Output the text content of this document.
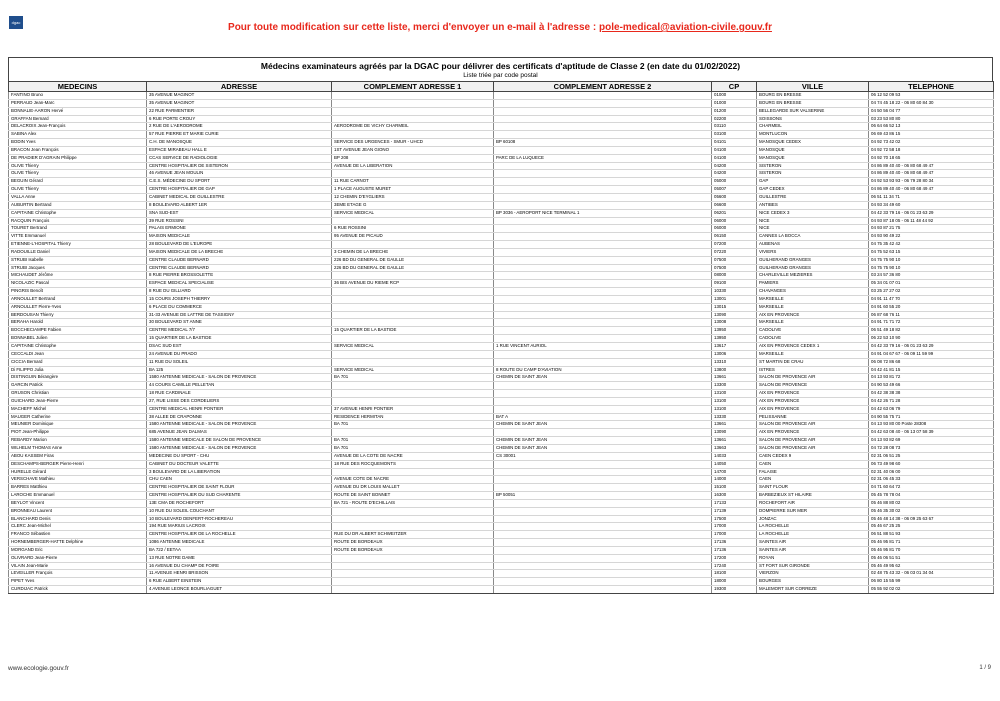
dgac	Pour toute modification sur cette liste, merci d'envoyer un e-mail à l'adresse : pole-medical@aviation-civile.gouv.fr
Médecins examinateurs agréés par la DGAC pour délivrer des certificats d'aptitude de Classe 2 (en date du 01/02/2022)
Liste triée par code postal
MEDECINS	ADRESSE	COMPLEMENT ADRESSE 1	COMPLEMENT ADRESSE 2	CP	VILLE	TELEPHONE
FANTINO Bruno	35 AVENUE MAGINOT			01000	BOURG EN BRESSE	06 12 52 09 53
PERRAUD Jean-Marc	35 AVENUE MAGINOT			01000	BOURG EN BRESSE	04 74 45 18 22 - 06 80 60 84 30
BONNALIE-AARON Hervé	22 RUE PARMENTIER			01200	BELLEGARDE SUR VALSERINE	04 50 56 04 77
GRAFFAN Bernard	6 RUE PORTE CROUY			02200	SOISSONS	03 23 53 80 80
DELACROIX Jean-François	2 RUE DE L'AERODROME	AERODROME DE VICHY CHARMEIL		03110	CHARMEIL	06 64 66 52 13
SABINA Alex	57 RUE PIERRE ET MARIE CURIE			03100	MONTLUCON	06 69 43 86 15
BODIN Yves	C.H. DE MANOSQUE	SERVICE DES URGENCES - SMUR - UHCD	BP 60108	04101	MANOSQUE CEDEX	04 92 73 42 02
BRACON Jean François	ESPACE MIRABEAU HALL E	1ST AVENUE JEAN GIONO		04100	MANOSQUE	04 92 72 58 18
DE PRADIER D'AGRAIN Philippe	CCAS SERVICE DE RADIOLOGIE	BP 208	PARC DE LA LUQUECE	04100	MANOSQUE	04 92 70 18 65
OLIVE Thierry	CENTRE HOSPITALIER DE SISTERON	AVENUE DE LA LIBERATION		04200	SISTERON	04 86 89 40 40 - 06 80 68 49 47
OLIVE Thierry	46 AVENUE JEAN MOULIN			04200	SISTERON	04 86 89 40 40 - 06 80 68 49 47
BEGUIN Gérard	C.E.S. MÉDECINE DU SPORT	11 RUE CARNOT		05000	GAP	04 92 53 93 93 - 06 79 28 80 34
OLIVE Thierry	CENTRE HOSPITALIER DE GAP	1 PLACE AUGUSTE MURET		05007	GAP CEDEX	04 86 89 40 40 - 06 80 68 49 47
VALLA Anne	CABINET MEDICAL DE GUILLESTRE	12 CHEMIN D'EYGLIERS		05600	GUILLESTRE	06 51 11 34 71
AUBURTIN Bertrand	8 BOULEVARD ALBERT 1ER	3EME ETAGE G		06600	ANTIBES	04 93 34 49 60
CAPITAINE Christophe	SNA SUD-EST	SERVICE MEDICAL	BP 3036 - AEROPORT NICE TERMINAL 1	06201	NICE CEDEX 3	04 42 33 79 16 - 06 01 23 63 29
RACQUIN François	39 RUE ROSSINI			06000	NICE	04 93 87 18 05 - 06 11 48 44 92
TOURET Bertrand	PALAIS ERMIONE	6 RUE ROSSINI		06000	NICE	04 93 87 21 75
VITTE Emmanuel	MAISON MEDICALE	95 AVENUE DE PICAUD		06150	CANNES LA BOCCA	04 93 90 49 22
ETIENNE-L'HOSPITAL Thierry	28 BOULEVARD DE L'EUROPE			07200	AUBENAS	04 75 35 42 42
RADOUILLE Daniel	MAISON MEDICALE DE LA BRECHE	3 CHEMIN DE LA BRECHE		07220	VIVIERS	04 75 52 63 15
STRUBI Isabelle	CENTRE CLAUDE BERNARD	226 BD DU GENERAL DE GAULLE		07500	GUILHERAND GRANGES	04 75 75 90 10
STRUBI Jacques	CENTRE CLAUDE BERNARD	226 BD DU GENERAL DE GAULLE		07500	GUILHERAND GRANGES	04 75 75 90 10
MICHAUDET Jérôme	8 RUE PIERRE BROSSOLETTE			08000	CHARLEVILLE MEZIERES	03 24 57 36 80
NICOLAZIC Pascal	ESPACE MEDICAL SPECIALISE	36 BIS AVENUE DU RIEME RCP		09100	PAMIERS	05 34 01 07 01
PINGRIS Benoît	8 RUE DU GILLIARD			10330	CHAVANGES	03 25 27 27 02
ARNOULLET Bertrand	15 COURS JOSEPH THIERRY			13001	MARSEILLE	04 91 11 47 70
ARNOULLET Pierre-Yves	6 PLACE DU COMMERCE			13015	MARSEILLE	04 91 60 55 20
BERDOUSAN Thierry	31-33 AVENUE DE LATTRE DE TASSIGNY			13090	AIX EN PROVENCE	06 87 68 76 11
BERAHA Harold	30 BOULEVARD ST ANNE			13008	MARSEILLE	04 91 71 71 72
BOCCHECIAMPE Fabien	CENTRE MEDICAL 7/7	15 QUARTIER DE LA BASTIDE		13950	CADOLIVE	06 51 49 18 82
BONNABEL Julien	15 QUARTIER DE LA BASTIDE			13950	CADOLIVE	06 22 53 10 90
CAPITAINE Christophe	DSAC SUD EST	SERVICE MEDICAL	1 RUE VINCENT AURIOL	13617	AIX EN PROVENCE CEDEX 1	04 42 33 79 16 - 06 01 23 63 29
CECCALDI Jean	24 AVENUE DU PRADO			13006	MARSEILLE	04 91 04 67 67 - 06 09 11 59 99
CICCIA Bernard	11 RUE DU SOLEIL			13310	ST MARTIN DE CRAU	06 08 72 86 68
Di FILIPPO Julia	BA 125	SERVICE MEDICAL	8 ROUTE DU CAMP D'AVIATION	13800	ISTRES	04 42 41 81 15
DISTINGUIN Bérangère	1580 ANTENNE MEDICALE - SALON DE PROVENCE	BA 701	CHEMIN DE SAINT JEAN	13661	SALON DE PROVENCE AIR	04 13 93 81 72
GARCIN Patrick	44 COURS CAMILLE PELLETAN			13300	SALON DE PROVENCE	04 90 53 49 66
GRUSON Christian	18 RUE CARDINALE			13100	AIX EN PROVENCE	04 42 38 38 38
GUICHARD Jean-Pierre	27, RUE LISSE DES CORDELIERS			13100	AIX EN PROVENCE	04 42 26 71 28
MACHEFF Michel	CENTRE MEDICAL HENRI PONTIER	37 AVENUE HENRI PONTIER		13100	AIX EN PROVENCE	04 42 63 06 79
MAUGER Catherine	38 ALLEE DE CRAPONNE	RESIDENCE HERMITAN	BAT A	13330	PELISSANNE	04 90 55 75 71
MEUNIER Dominique	1580 ANTENNE MEDICALE - SALON DE PROVENCE	BA 701	CHEMIN DE SAINT JEAN	13661	SALON DE PROVENCE AIR	04 13 93 80 00 Poste 28308
PIOT Jean-Philippe	685 AVENUE JEAN DALMAS			13090	AIX EN PROVENCE	04 42 63 08 40 - 06 13 07 58 39
REBARDY Marion	1580 ANTENNE MEDICALE DE SALON DE PROVENCE	BA 701	CHEMIN DE SAINT JEAN	13661	SALON DE PROVENCE AIR	04 13 93 82 69
WILHELM THOMAS Anne	1580 ANTENNE MEDICALE - SALON DE PROVENCE	BA 701	CHEMIN DE SAINT JEAN	13663	SALON DE PROVENCE AIR	04 72 28 08 73
ABOU KASSEM Firas	MEDECINE DU SPORT - CHU	AVENUE DE LA COTE DE NACRE	CS 30001	14033	CAEN CEDEX 9	02 31 06 51 25
DESCHAMPS-BERGER Pierre-Henri	CABINET DU DOCTEUR VALETTE	18 RUE DES ROCQUEMONTS		14050	CAEN	06 73 49 98 60
HURELLE Gérard	3 BOULEVARD DE LA LIBERATION			14700	FALAISE	02 31 40 06 00
VERSCHAVE Mathieu	CHU CAEN	AVENUE COTE DE NACRE		14000	CAEN	02 31 06 45 33
BARRES Matthieu	CENTRE HOSPITALIER DE SAINT FLOUR	AVENUE DU DR LOUIS MALLET		15100	SAINT FLOUR	04 71 60 64 72
LAROCHE Emmanuel	CENTRE HOSPITALIER DU SUD CHARENTE	ROUTE DE SAINT BONNET	BP 50051	16300	BARBEZIEUX ST HILAIRE	05 45 78 78 04
BEYLOT Vincent	13E CMA DE ROCHEFORT	BA 721 - ROUTE D'ECHILLAIS		17133	ROCHEFORT AIR	05 46 88 80 02
BRONNEAU Laurent	10 RUE DU SOLEIL COUCHANT			17139	DOMPIERRE SUR MER	05 46 35 30 02
BLANCHARD Denis	10 BOULEVARD DENFERT-ROCHEREAU			17500	JONZAC	05 46 48 14 38 - 06 09 25 63 67
CLERC Jean-Michel	194 RUE MARIUS LACROIX			17000	LA ROCHELLE	05 46 67 25 25
FRANCO Sébastien	CENTRE HOSPITALIER DE LA ROCHELLE	RUE DU DR ALBERT SCHWEITZER		17000	LA ROCHELLE	06 51 88 51 93
HORNEMBERGER-HATTE Delphine	1086 ANTENNE MEDICALE	ROUTE DE BORDEAUX		17136	SAINTES AIR	05 46 95 81 71
MORGAND Eric	BA 722 / EETAA	ROUTE DE BORDEAUX		17136	SAINTES AIR	05 46 95 81 70
OLIVRARD Jean-Pierre	13 RUE NOTRE DAME			17200	ROYAN	05 46 06 51 51
VILAIN Jean-Marie	16 AVENUE DU CHAMP DE FOIRE			17240	ST FORT SUR GIRONDE	05 46 49 95 62
LEVEILLER François	11 AVENUE HENRI BRISSON			18100	VIERZON	02 48 75 43 32 - 06 03 01 34 04
PIPET Yves	6 RUE ALBERT EINSTEIN			18000	BOURGES	06 80 15 55 99
CURDIJAC Patrick	4 AVENUE LEONCE BOURLIAGUET			19300	MALEMORT SUR CORREZE	05 55 92 02 02
www.ecologie.gouv.fr	1 / 9
